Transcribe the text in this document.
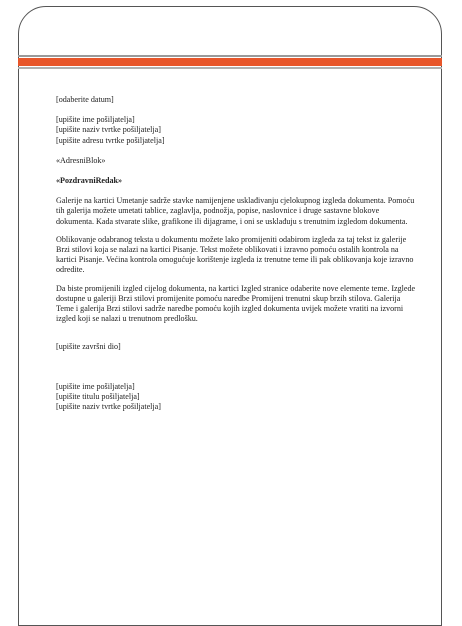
[odaberite datum]
[upišite ime pošiljatelja]
[upišite naziv tvrtke pošiljatelja]
[upišite adresu tvrtke pošiljatelja]
«AdresniBlok»
«PozdravniRedak»

Galerije na kartici Umetanje sadrže stavke namijenjene usklađivanju cjelokupnog izgleda dokumenta. Pomoću tih galerija možete umetati tablice, zaglavlja, podnožja, popise, naslovnice i druge sastavne blokove dokumenta. Kada stvarate slike, grafikone ili dijagrame, i oni se usklađuju s trenutnim izgledom dokumenta.

Oblikovanje odabranog teksta u dokumentu možete lako promijeniti odabirom izgleda za taj tekst iz galerije Brzi stilovi koja se nalazi na kartici Pisanje. Tekst možete oblikovati i izravno pomoću ostalih kontrola na kartici Pisanje. Većina kontrola omogućuje korištenje izgleda iz trenutne teme ili pak oblikovanja koje izravno odredite.

Da biste promijenili izgled cijelog dokumenta, na kartici Izgled stranice odaberite nove elemente teme. Izglede dostupne u galeriji Brzi stilovi promijenite pomoću naredbe Promijeni trenutni skup brzih stilova. Galerija Teme i galerija Brzi stilovi sadrže naredbe pomoću kojih izgled dokumenta uvijek možete vratiti na izvorni izgled koji se nalazi u trenutnom predlošku.

[upišite završni dio]
[upišite ime pošiljatelja]
[upišite titulu pošiljatelja]
[upišite naziv tvrtke pošiljatelja]
